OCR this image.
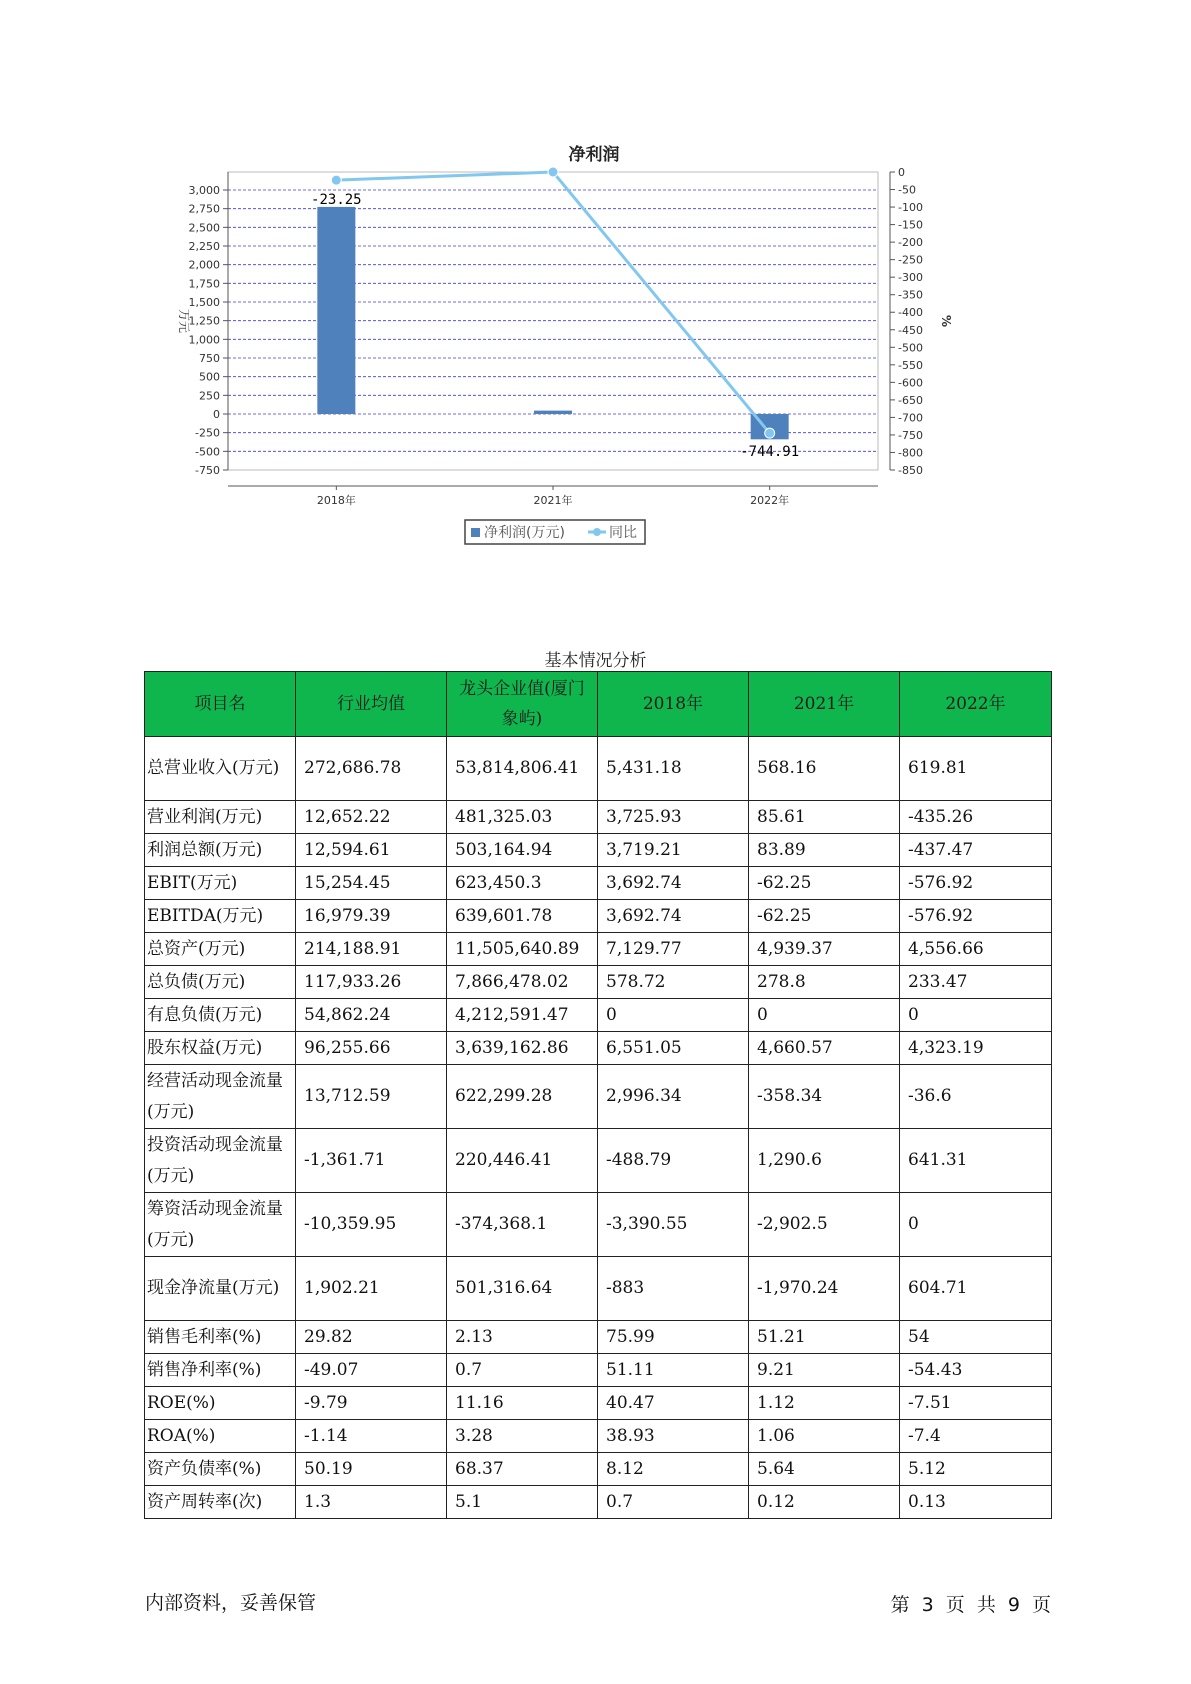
净利润
3,000
2,750
2,500
2,250
2,000
1,750
1,500
1,250
1,000
750
500
250
0
-250
-500
-750
0
-50
-100
-150
-200
-250
-300
-350
-400
-450
-500
-550
-600
-650
-700
-750
-800
-850
万元	%
2018年	2021年	2022年
-23.25
-744.91
净利润(万元)	同比
基本情况分析
项目名	行业均值	龙头企业值(厦门象屿)	2018年	2021年	2022年
总营业收入(万元)	272,686.78	53,814,806.41	5,431.18	568.16	619.81
营业利润(万元)	12,652.22	481,325.03	3,725.93	85.61	-435.26
利润总额(万元)	12,594.61	503,164.94	3,719.21	83.89	-437.47
EBIT(万元)	15,254.45	623,450.3	3,692.74	-62.25	-576.92
EBITDA(万元)	16,979.39	639,601.78	3,692.74	-62.25	-576.92
总资产(万元)	214,188.91	11,505,640.89	7,129.77	4,939.37	4,556.66
总负债(万元)	117,933.26	7,866,478.02	578.72	278.8	233.47
有息负债(万元)	54,862.24	4,212,591.47	0	0	0
股东权益(万元)	96,255.66	3,639,162.86	6,551.05	4,660.57	4,323.19
经营活动现金流量(万元)	13,712.59	622,299.28	2,996.34	-358.34	-36.6
投资活动现金流量(万元)	-1,361.71	220,446.41	-488.79	1,290.6	641.31
筹资活动现金流量(万元)	-10,359.95	-374,368.1	-3,390.55	-2,902.5	0
现金净流量(万元)	1,902.21	501,316.64	-883	-1,970.24	604.71
销售毛利率(%)	29.82	2.13	75.99	51.21	54
销售净利率(%)	-49.07	0.7	51.11	9.21	-54.43
ROE(%)	-9.79	11.16	40.47	1.12	-7.51
ROA(%)	-1.14	3.28	38.93	1.06	-7.4
资产负债率(%)	50.19	68.37	8.12	5.64	5.12
资产周转率(次)	1.3	5.1	0.7	0.12	0.13
内部资料，妥善保管	第 3 页 共 9 页
